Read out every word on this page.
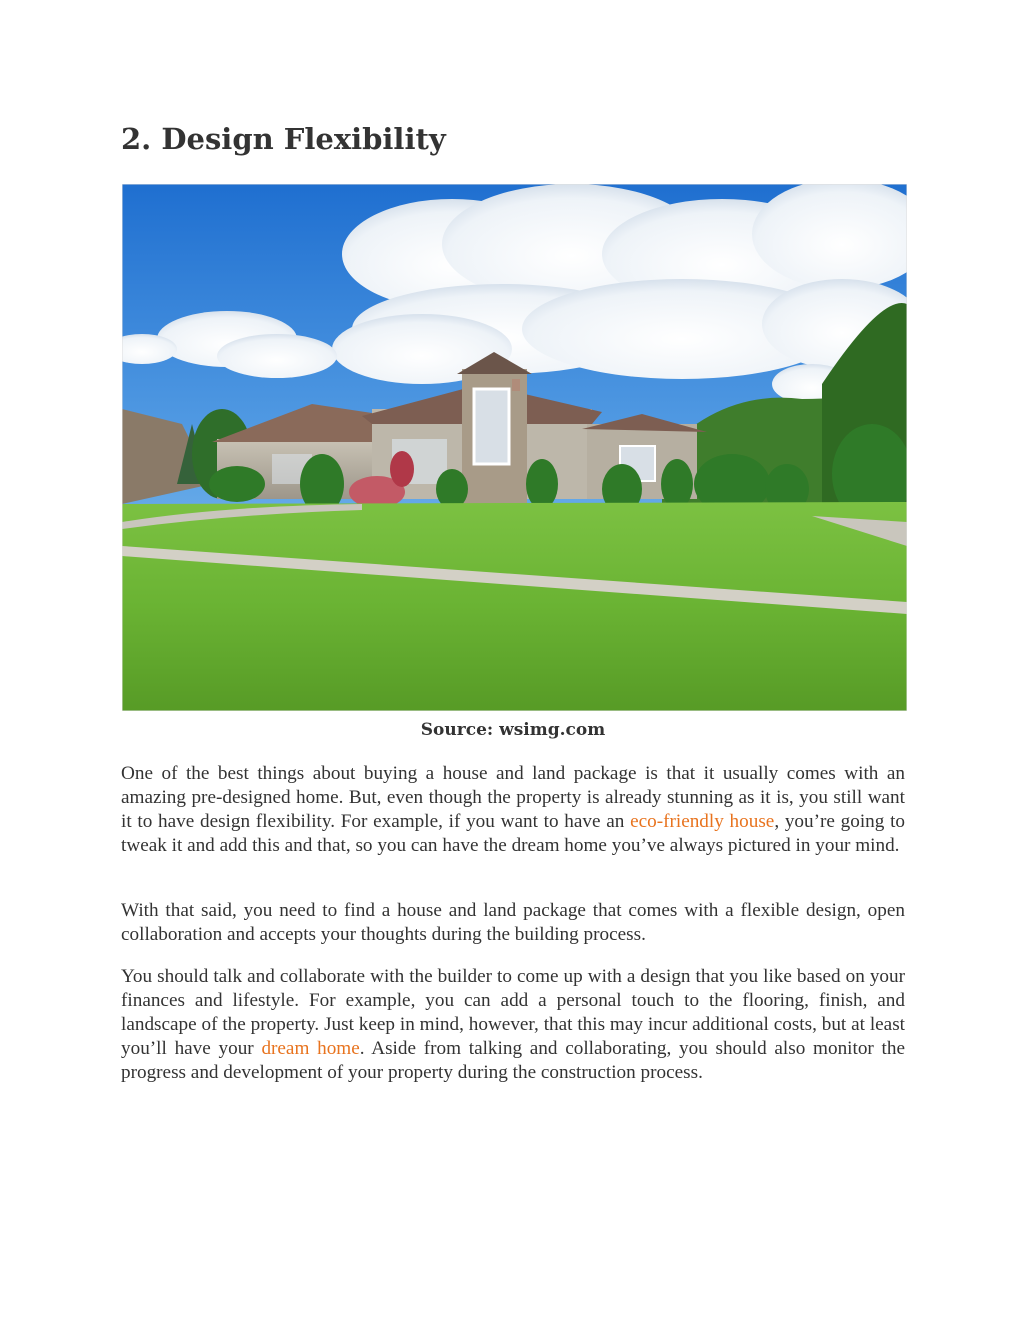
2. Design Flexibility

Source: wsimg.com

One of the best things about buying a house and land package is that it usually comes with an amazing pre-designed home. But, even though the property is already stunning as it is, you still want it to have design flexibility. For example, if you want to have an eco-friendly house, you’re going to tweak it and add this and that, so you can have the dream home you’ve always pictured in your mind.

With that said, you need to find a house and land package that comes with a flexible design, open collaboration and accepts your thoughts during the building process.

You should talk and collaborate with the builder to come up with a design that you like based on your finances and lifestyle. For example, you can add a personal touch to the flooring, finish, and landscape of the property. Just keep in mind, however, that this may incur additional costs, but at least you’ll have your dream home. Aside from talking and collaborating, you should also monitor the progress and development of your property during the construction process.
